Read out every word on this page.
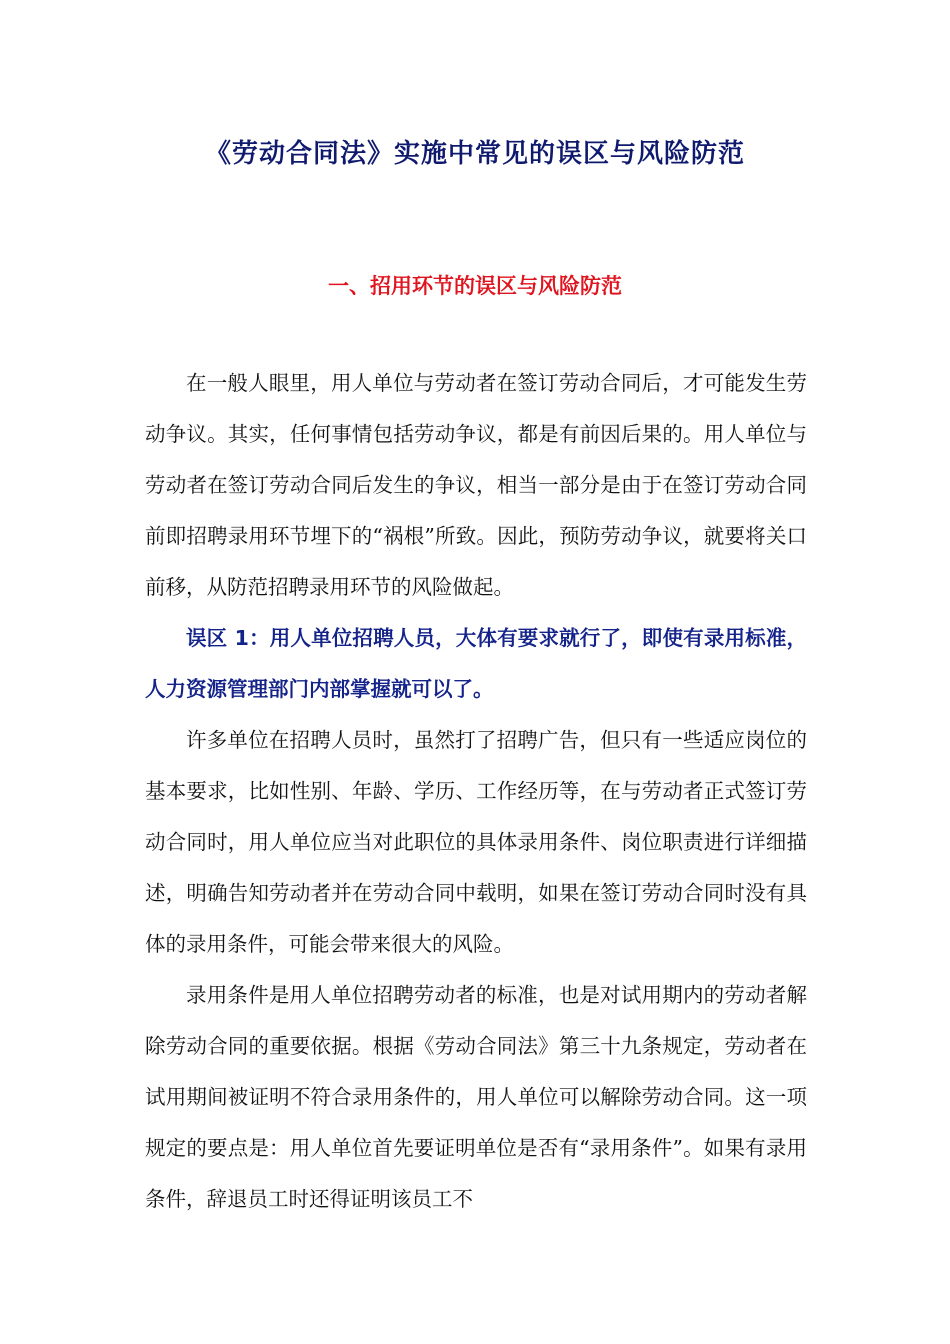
《劳动合同法》实施中常见的误区与风险防范
一、招用环节的误区与风险防范

在一般人眼里，用人单位与劳动者在签订劳动合同后，才可能发生劳动争议。其实，任何事情包括劳动争议，都是有前因后果的。用人单位与劳动者在签订劳动合同后发生的争议，相当一部分是由于在签订劳动合同前即招聘录用环节埋下的“祸根”所致。因此，预防劳动争议，就要将关口前移，从防范招聘录用环节的风险做起。

误区 1：用人单位招聘人员，大体有要求就行了，即使有录用标准，人力资源管理部门内部掌握就可以了。

许多单位在招聘人员时，虽然打了招聘广告，但只有一些适应岗位的基本要求，比如性别、年龄、学历、工作经历等，在与劳动者正式签订劳动合同时，用人单位应当对此职位的具体录用条件、岗位职责进行详细描述，明确告知劳动者并在劳动合同中载明，如果在签订劳动合同时没有具体的录用条件，可能会带来很大的风险。

录用条件是用人单位招聘劳动者的标准，也是对试用期内的劳动者解除劳动合同的重要依据。根据《劳动合同法》第三十九条规定，劳动者在试用期间被证明不符合录用条件的，用人单位可以解除劳动合同。这一项规定的要点是：用人单位首先要证明单位是否有“录用条件”。如果有录用条件，辞退员工时还得证明该员工不
